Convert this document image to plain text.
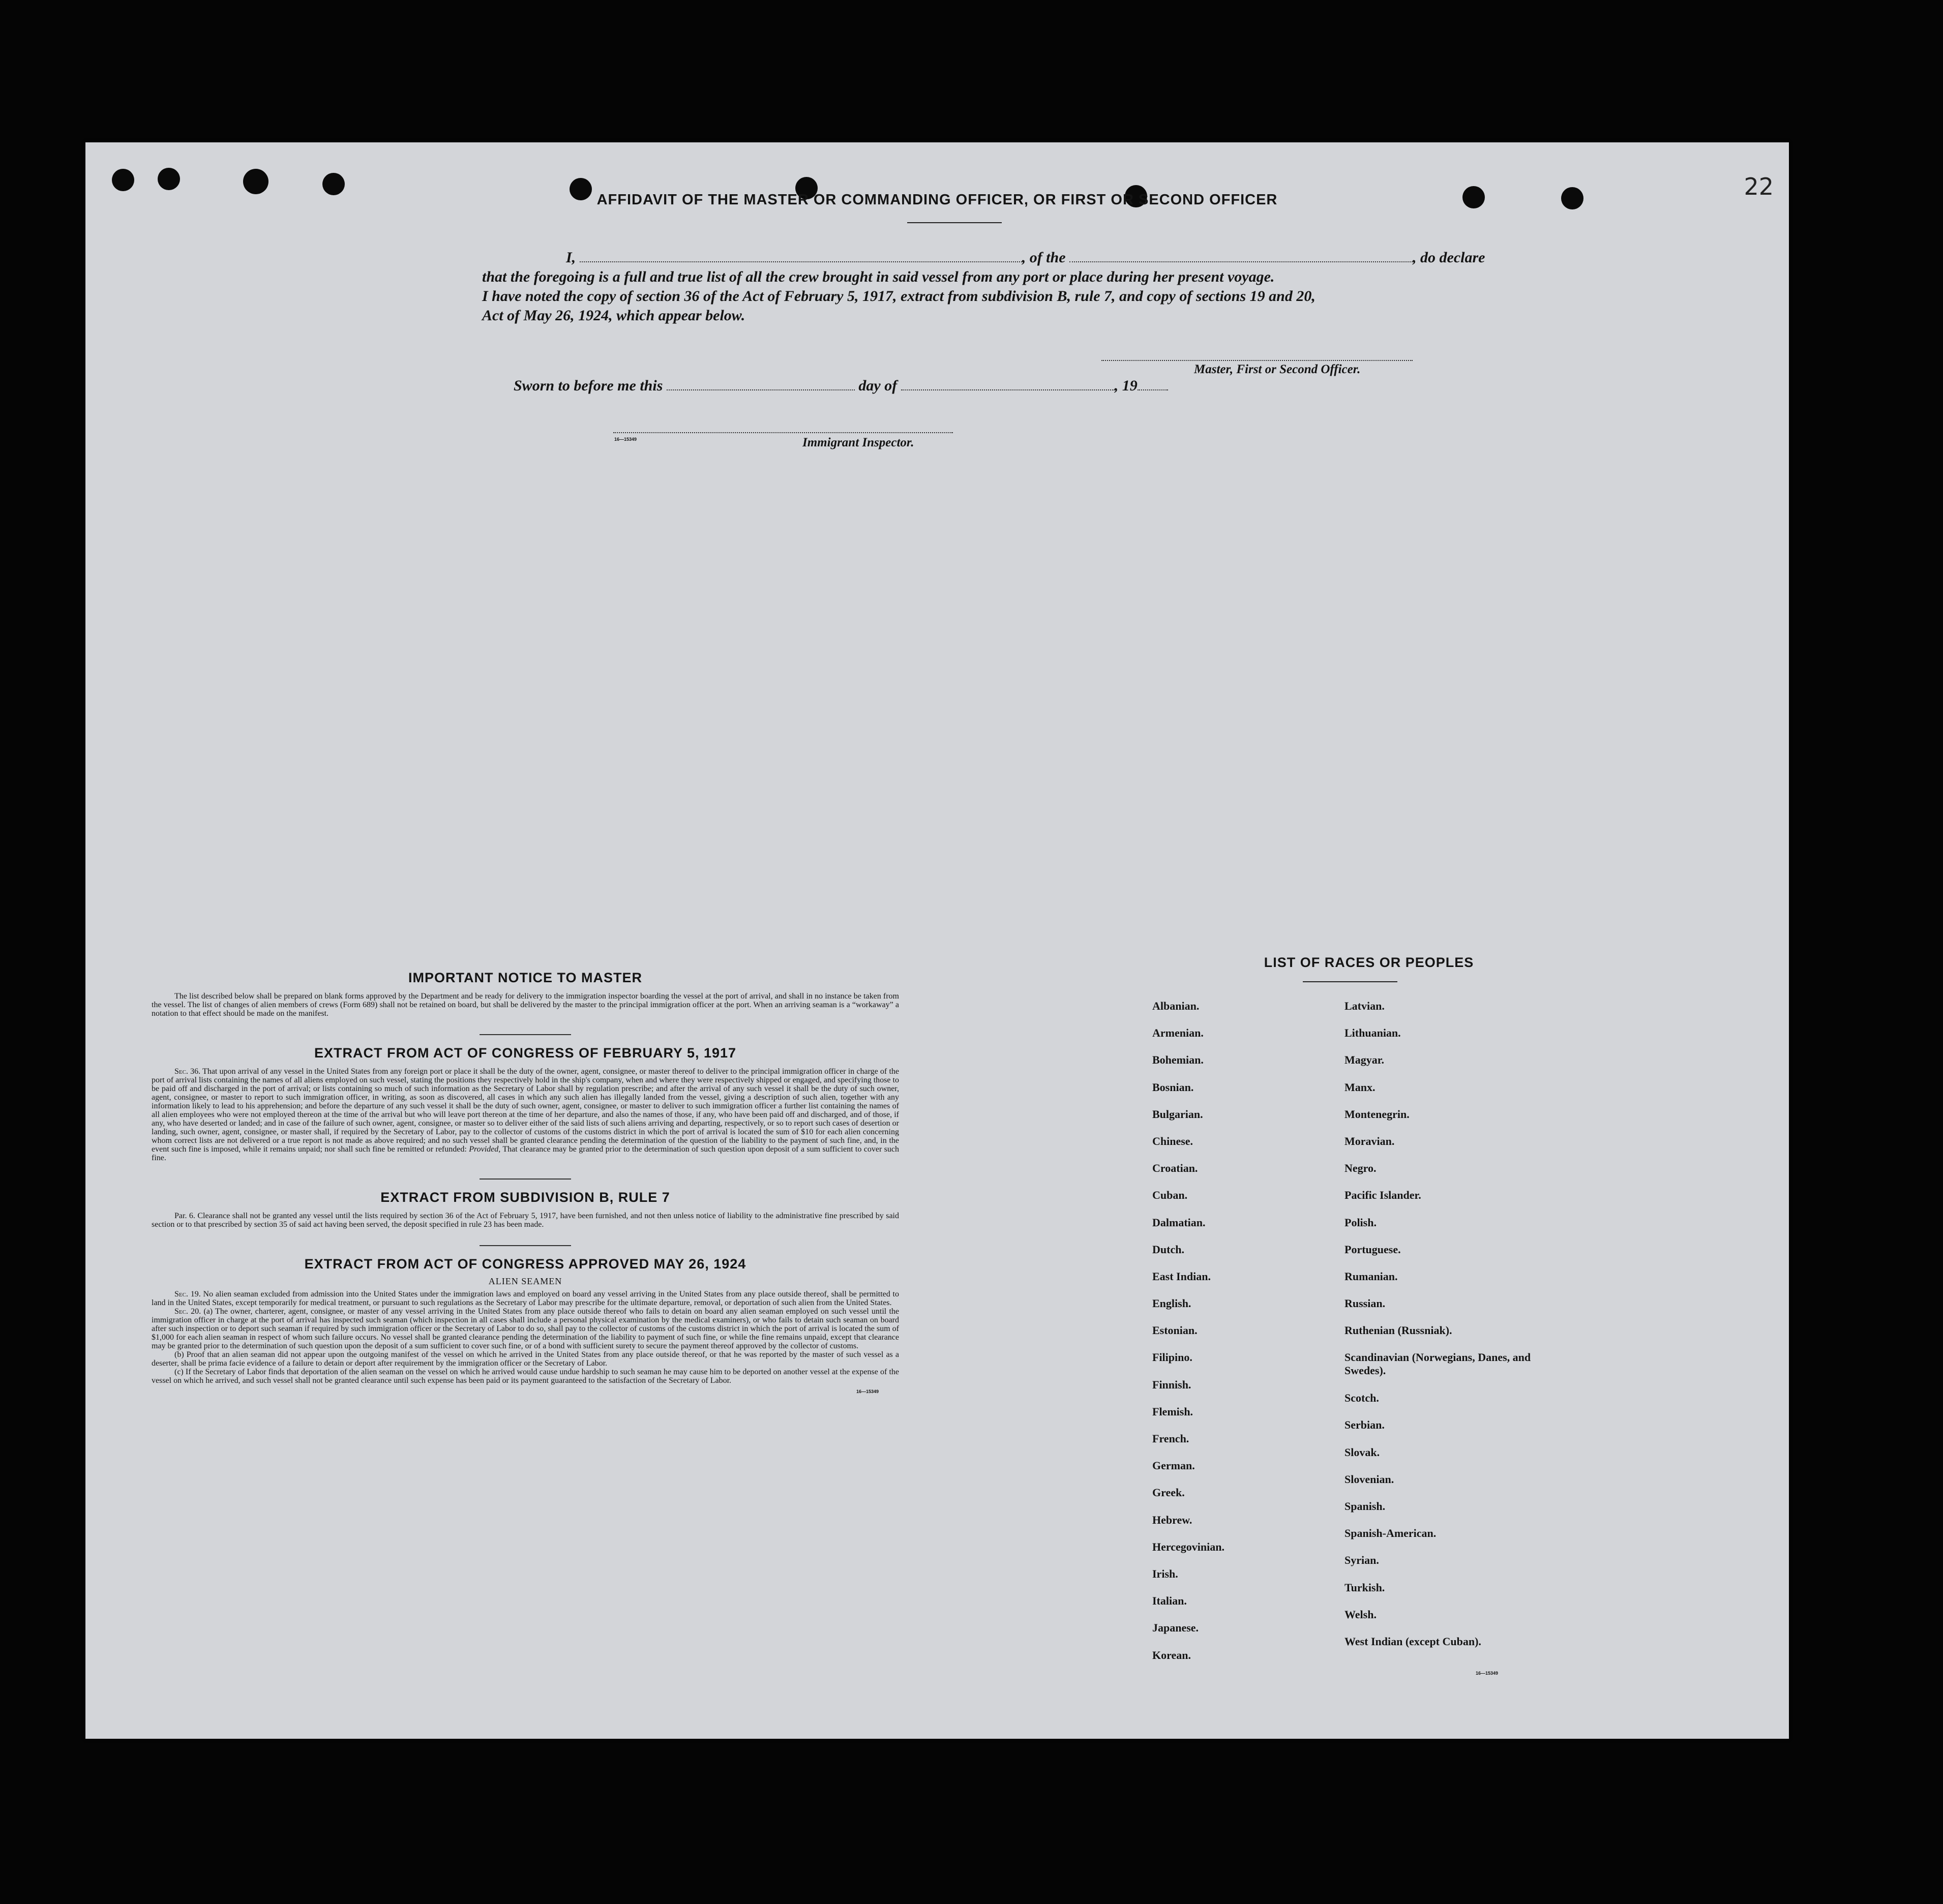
22
AFFIDAVIT OF THE MASTER OR COMMANDING OFFICER, OR FIRST OR SECOND OFFICER
I,	, of the	, do declare
that the foregoing is a full and true list of all the crew brought in said vessel from any port or place during her present voyage.
I have noted the copy of section 36 of the Act of February 5, 1917, extract from subdivision B, rule 7, and copy of sections 19 and 20,
Act of May 26, 1924, which appear below.
Master, First or Second Officer.
Sworn to before me this	day of	, 19
16—15349	Immigrant Inspector.
IMPORTANT NOTICE TO MASTER

The list described below shall be prepared on blank forms approved by the Department and be ready for delivery to the immigration inspector boarding the vessel at the port of arrival, and shall in no instance be taken from the vessel. The list of changes of alien members of crews (Form 689) shall not be retained on board, but shall be delivered by the master to the principal immigration officer at the port. When an arriving seaman is a “workaway” a notation to that effect should be made on the manifest.

EXTRACT FROM ACT OF CONGRESS OF FEBRUARY 5, 1917

Sec. 36. That upon arrival of any vessel in the United States from any foreign port or place it shall be the duty of the owner, agent, consignee, or master thereof to deliver to the principal immigration officer in charge of the port of arrival lists containing the names of all aliens employed on such vessel, stating the positions they respectively hold in the ship's company, when and where they were respectively shipped or engaged, and specifying those to be paid off and discharged in the port of arrival; or lists containing so much of such information as the Secretary of Labor shall by regulation prescribe; and after the arrival of any such vessel it shall be the duty of such owner, agent, consignee, or master to report to such immigration officer, in writing, as soon as discovered, all cases in which any such alien has illegally landed from the vessel, giving a description of such alien, together with any information likely to lead to his apprehension; and before the departure of any such vessel it shall be the duty of such owner, agent, consignee, or master to deliver to such immigration officer a further list containing the names of all alien employees who were not employed thereon at the time of the arrival but who will leave port thereon at the time of her departure, and also the names of those, if any, who have been paid off and discharged, and of those, if any, who have deserted or landed; and in case of the failure of such owner, agent, consignee, or master so to deliver either of the said lists of such aliens arriving and departing, respectively, or so to report such cases of desertion or landing, such owner, agent, consignee, or master shall, if required by the Secretary of Labor, pay to the collector of customs of the customs district in which the port of arrival is located the sum of $10 for each alien concerning whom correct lists are not delivered or a true report is not made as above required; and no such vessel shall be granted clearance pending the determination of the question of the liability to the payment of such fine, and, in the event such fine is imposed, while it remains unpaid; nor shall such fine be remitted or refunded: Provided, That clearance may be granted prior to the determination of such question upon deposit of a sum sufficient to cover such fine.

EXTRACT FROM SUBDIVISION B, RULE 7

Par. 6. Clearance shall not be granted any vessel until the lists required by section 36 of the Act of February 5, 1917, have been furnished, and not then unless notice of liability to the administrative fine prescribed by said section or to that prescribed by section 35 of said act having been served, the deposit specified in rule 23 has been made.

EXTRACT FROM ACT OF CONGRESS APPROVED MAY 26, 1924
ALIEN SEAMEN

Sec. 19. No alien seaman excluded from admission into the United States under the immigration laws and employed on board any vessel arriving in the United States from any place outside thereof, shall be permitted to land in the United States, except temporarily for medical treatment, or pursuant to such regulations as the Secretary of Labor may prescribe for the ultimate departure, removal, or deportation of such alien from the United States.

Sec. 20. (a) The owner, charterer, agent, consignee, or master of any vessel arriving in the United States from any place outside thereof who fails to detain on board any alien seaman employed on such vessel until the immigration officer in charge at the port of arrival has inspected such seaman (which inspection in all cases shall include a personal physical examination by the medical examiners), or who fails to detain such seaman on board after such inspection or to deport such seaman if required by such immigration officer or the Secretary of Labor to do so, shall pay to the collector of customs of the customs district in which the port of arrival is located the sum of $1,000 for each alien seaman in respect of whom such failure occurs. No vessel shall be granted clearance pending the determination of the liability to payment of such fine, or while the fine remains unpaid, except that clearance may be granted prior to the determination of such question upon the deposit of a sum sufficient to cover such fine, or of a bond with sufficient surety to secure the payment thereof approved by the collector of customs.

(b) Proof that an alien seaman did not appear upon the outgoing manifest of the vessel on which he arrived in the United States from any place outside thereof, or that he was reported by the master of such vessel as a deserter, shall be prima facie evidence of a failure to detain or deport after requirement by the immigration officer or the Secretary of Labor.

(c) If the Secretary of Labor finds that deportation of the alien seaman on the vessel on which he arrived would cause undue hardship to such seaman he may cause him to be deported on another vessel at the expense of the vessel on which he arrived, and such vessel shall not be granted clearance until such expense has been paid or its payment guaranteed to the satisfaction of the Secretary of Labor.

16—15349
LIST OF RACES OR PEOPLES
Albanian.
Armenian.
Bohemian.
Bosnian.
Bulgarian.
Chinese.
Croatian.
Cuban.
Dalmatian.
Dutch.
East Indian.
English.
Estonian.
Filipino.
Finnish.
Flemish.
French.
German.
Greek.
Hebrew.
Hercegovinian.
Irish.
Italian.
Japanese.
Korean.
Latvian.
Lithuanian.
Magyar.
Manx.
Montenegrin.
Moravian.
Negro.
Pacific Islander.
Polish.
Portuguese.
Rumanian.
Russian.
Ruthenian (Russniak).
Scandinavian (Norwegians, Danes, and Swedes).
Scotch.
Serbian.
Slovak.
Slovenian.
Spanish.
Spanish-American.
Syrian.
Turkish.
Welsh.
West Indian (except Cuban).
16—15349
